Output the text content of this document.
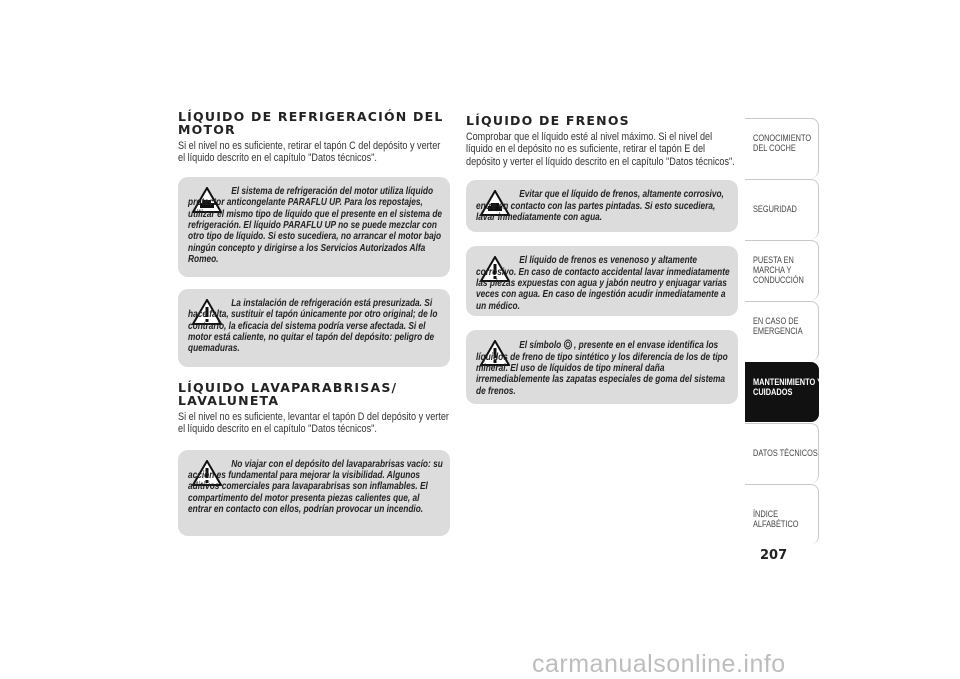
LÍQUIDO DE REFRIGERACIÓN DEL MOTOR

Si el nivel no es suficiente, retirar el tapón C del depósito y verter el líquido descrito en el capítulo "Datos técnicos".

El sistema de refrigeración del motor utiliza líquido protector anticongelante PARAFLU UP. Para los repostajes, utilizar el mismo tipo de líquido que el presente en el sistema de refrigeración. El líquido PARAFLU UP no se puede mezclar con otro tipo de líquido. Si esto sucediera, no arrancar el motor bajo ningún concepto y dirigirse a los Servicios Autorizados Alfa Romeo.
La instalación de refrigeración está presurizada. Si hace falta, sustituir el tapón únicamente por otro original; de lo contrario, la eficacia del sistema podría verse afectada. Si el motor está caliente, no quitar el tapón del depósito: peligro de quemaduras.
LÍQUIDO LAVAPARABRISAS/ LAVALUNETA

Si el nivel no es suficiente, levantar el tapón D del depósito y verter el líquido descrito en el capítulo "Datos técnicos".

No viajar con el depósito del lavaparabrisas vacío: su acción es fundamental para mejorar la visibilidad. Algunos aditivos comerciales para lavaparabrisas son inflamables. El compartimento del motor presenta piezas calientes que, al entrar en contacto con ellos, podrían provocar un incendio.
LÍQUIDO DE FRENOS

Comprobar que el líquido esté al nivel máximo. Si el nivel del líquido en el depósito no es suficiente, retirar el tapón E del depósito y verter el líquido descrito en el capítulo "Datos técnicos".

Evitar que el líquido de frenos, altamente corrosivo, entre en contacto con las partes pintadas. Si esto sucediera, lavar inmediatamente con agua.
El líquido de frenos es venenoso y altamente corrosivo. En caso de contacto accidental lavar inmediatamente las piezas expuestas con agua y jabón neutro y enjuagar varias veces con agua. En caso de ingestión acudir inmediatamente a un médico.
El símbolo , presente en el envase identifica los líquidos de freno de tipo sintético y los diferencia de los de tipo mineral. El uso de líquidos de tipo mineral daña irremediablemente las zapatas especiales de goma del sistema de frenos.
CONOCIMIENTO DEL COCHE
SEGURIDAD
PUESTA EN MARCHA Y CONDUCCIÓN
EN CASO DE EMERGENCIA
MANTENIMIENTO Y CUIDADOS
DATOS TÉCNICOS
ÍNDICE ALFABÉTICO
207
carmanualsonline.info
